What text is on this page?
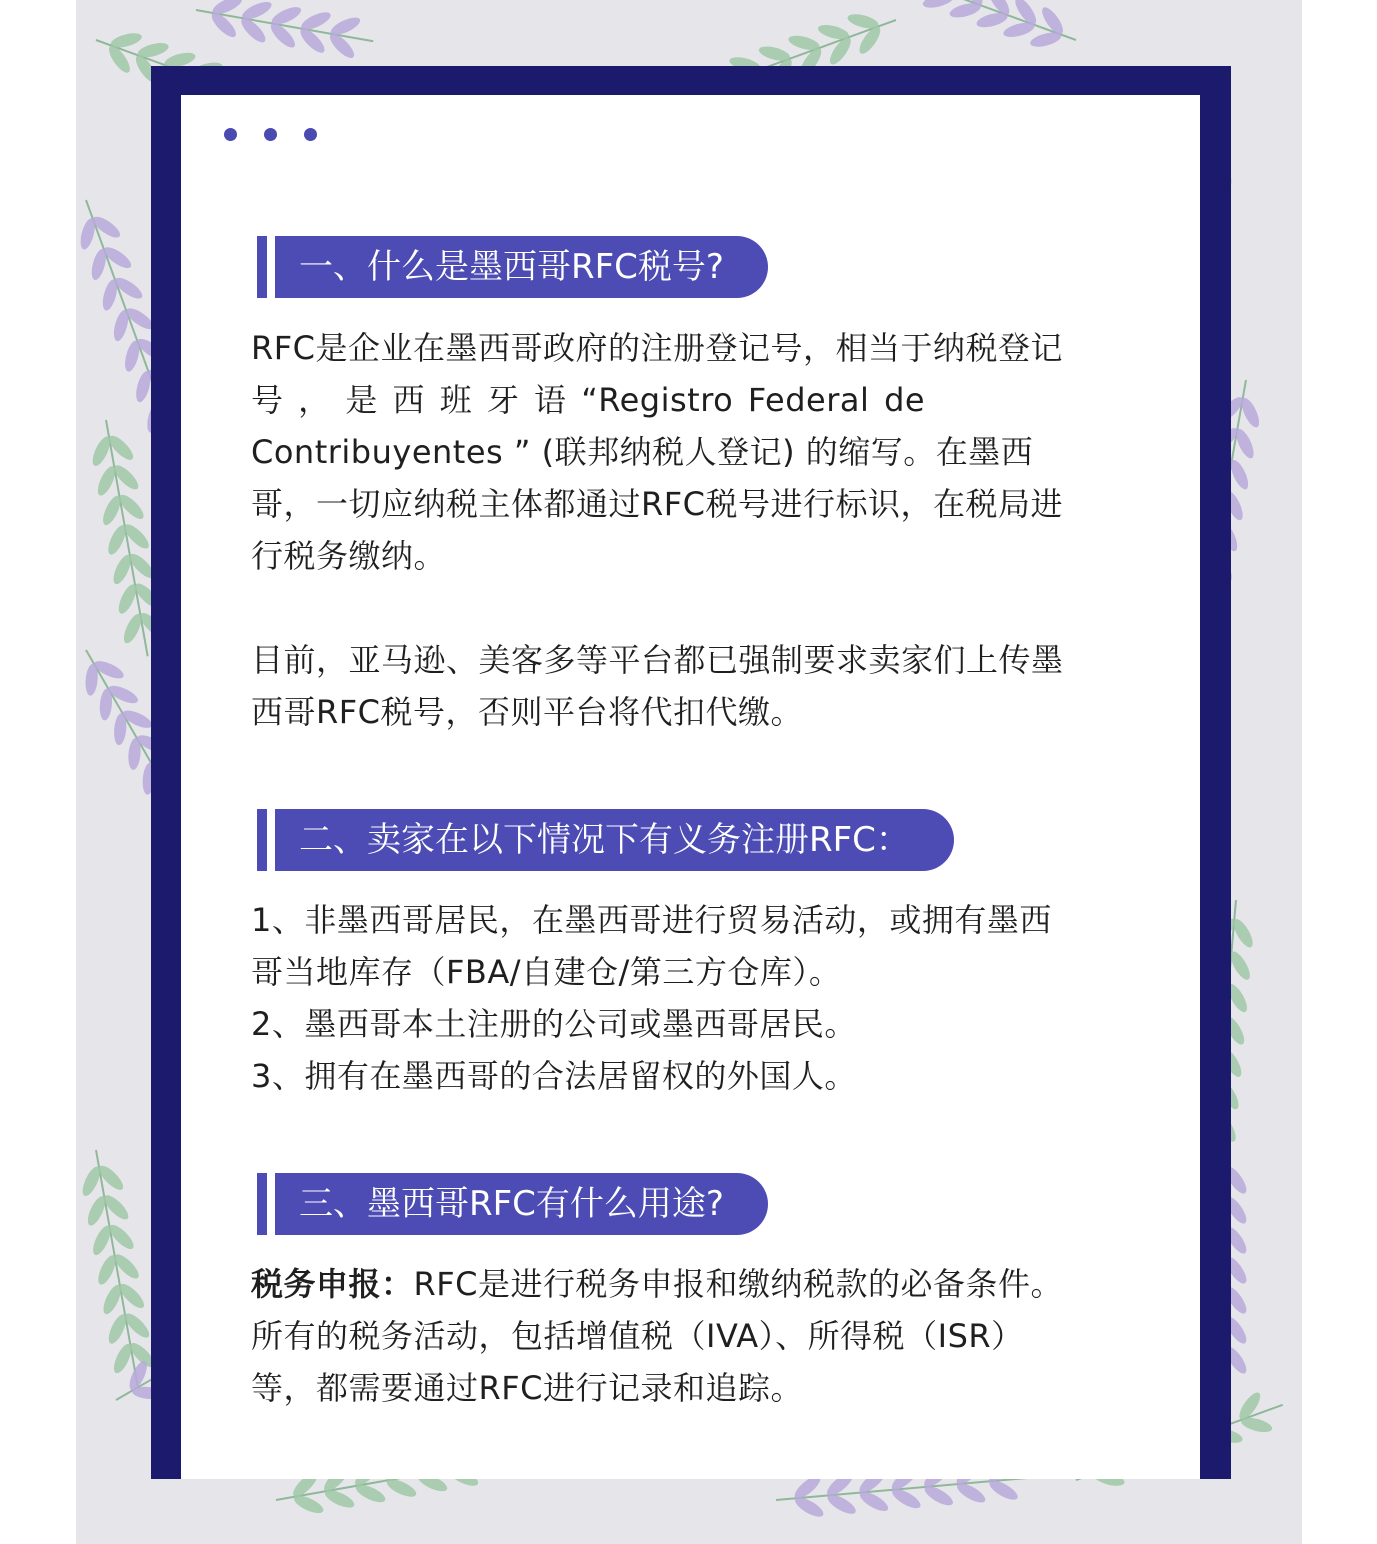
一、什么是墨西哥RFC税号?
RFC是企业在墨西哥政府的注册登记号，相当于纳税登记
号 ， 是 西 班 牙 语 “Registro Federal de
Contribuyentes ” (联邦纳税人登记) 的缩写。在墨西
哥，一切应纳税主体都通过RFC税号进行标识，在税局进
行税务缴纳。
目前，亚马逊、美客多等平台都已强制要求卖家们上传墨
西哥RFC税号，否则平台将代扣代缴。
二、卖家在以下情况下有义务注册RFC：
1、非墨西哥居民，在墨西哥进行贸易活动，或拥有墨西
哥当地库存（FBA/自建仓/第三方仓库）。
2、墨西哥本土注册的公司或墨西哥居民。
3、拥有在墨西哥的合法居留权的外国人。
三、墨西哥RFC有什么用途?
税务申报：RFC是进行税务申报和缴纳税款的必备条件。
所有的税务活动，包括增值税（IVA）、所得税（ISR）
等，都需要通过RFC进行记录和追踪。
